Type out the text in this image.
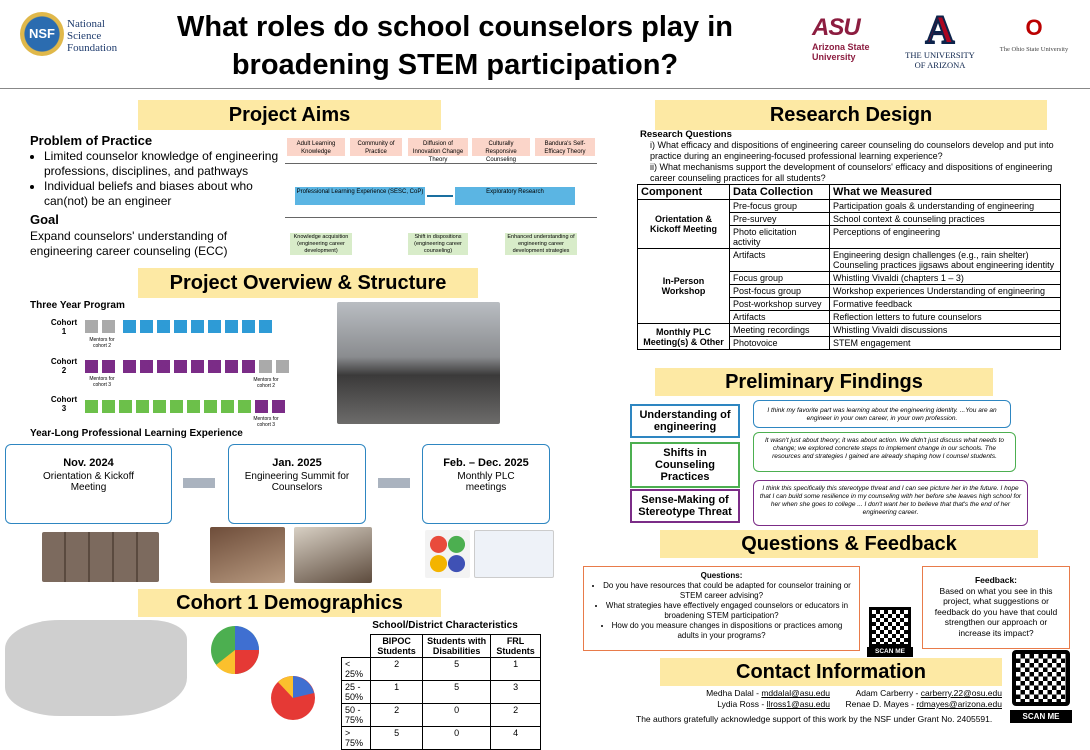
NSF
National
Science
Foundation
What roles do school counselors play in
broadening STEM participation?
ASU
Arizona State
University
A
THE UNIVERSITY
OF ARIZONA
O
The Ohio State University
Project Aims
Problem of Practice
• Limited counselor knowledge of engineering professions, disciplines, and pathways
• Individual beliefs and biases about who can(not) be an engineer
Goal
Expand counselors' understanding of engineering career counseling (ECC)
Adult Learning Knowledge
Community of Practice
Diffusion of Innovation Change Theory
Culturally Responsive Counseling
Bandura's Self-Efficacy Theory
Professional Learning Experience (SESC, CoP)	Exploratory Research
Knowledge acquisition (engineering career development)
Shift in dispositions (engineering career counseling)
Enhanced understanding of engineering career development strategies
Project Overview & Structure
Three Year Program
Cohort 1

Mentors for cohort 2
Cohort 2

Mentors for cohort 3
Mentors for cohort 2
Cohort 3
Mentors for cohort 3
Year-Long Professional Learning Experience
Nov. 2024
Orientation & Kickoff Meeting
Jan. 2025
Engineering Summit for Counselors
Feb. – Dec. 2025
Monthly PLC meetings
Cohort 1 Demographics
School/District Characteristics
	BIPOC Students	Students with Disabilities	FRL Students
< 25%	2	5	1
25 - 50%	1	5	3
50 - 75%	2	0	2
> 75%	5	0	4
Research Design
Research Questions
i) What efficacy and dispositions of engineering career counseling do counselors develop and put into practice during an engineering-focused professional learning experience?
ii) What mechanisms support the development of counselors' efficacy and dispositions of engineering career counseling practices for all students?
Component	Data Collection	What we Measured
Orientation & Kickoff Meeting	Pre-focus group	Participation goals & understanding of engineering
	Pre-survey	School context & counseling practices
	Photo elicitation activity	Perceptions of engineering
In-Person Workshop	Artifacts	Engineering design challenges (e.g., rain shelter) Counseling practices jigsaws about engineering identity
	Focus group	Whistling Vivaldi (chapters 1 – 3)
	Post-focus group	Workshop experiences Understanding of engineering
	Post-workshop survey	Formative feedback
	Artifacts	Reflection letters to future counselors
Monthly PLC Meeting(s) & Other	Meeting recordings	Whistling Vivaldi discussions
	Photovoice	STEM engagement
Preliminary Findings
Understanding of engineering
I think my favorite part was learning about the engineering identity. ...You are an engineer in your own career, in your own profession.
Shifts in Counseling Practices
It wasn't just about theory; it was about action. We didn't just discuss what needs to change; we explored concrete steps to implement change in our schools. The resources and strategies I gained are already shaping how I counsel students.
Sense-Making of Stereotype Threat
I think this specifically this stereotype threat and I can see picture her in the future. I hope that I can build some resilience in my counseling with her before she leaves high school for her when she goes to college ... I don't want her to believe that that's the end of her engineering career.
Questions & Feedback
Questions:
• Do you have resources that could be adapted for counselor training or STEM career advising?
• What strategies have effectively engaged counselors or educators in broadening STEM participation?
• How do you measure changes in dispositions or practices among adults in your programs?
SCAN ME
Feedback:
Based on what you see in this project, what suggestions or feedback do you have that could strengthen our approach or increase its impact?
Contact Information
Medha Dalal - mddalal@asu.edu
Lydia Ross - llross1@asu.edu
Adam Carberry - carberry.22@osu.edu
Renae D. Mayes - rdmayes@arizona.edu
SCAN ME
The authors gratefully acknowledge support of this work by the NSF under Grant No. 2405591.
